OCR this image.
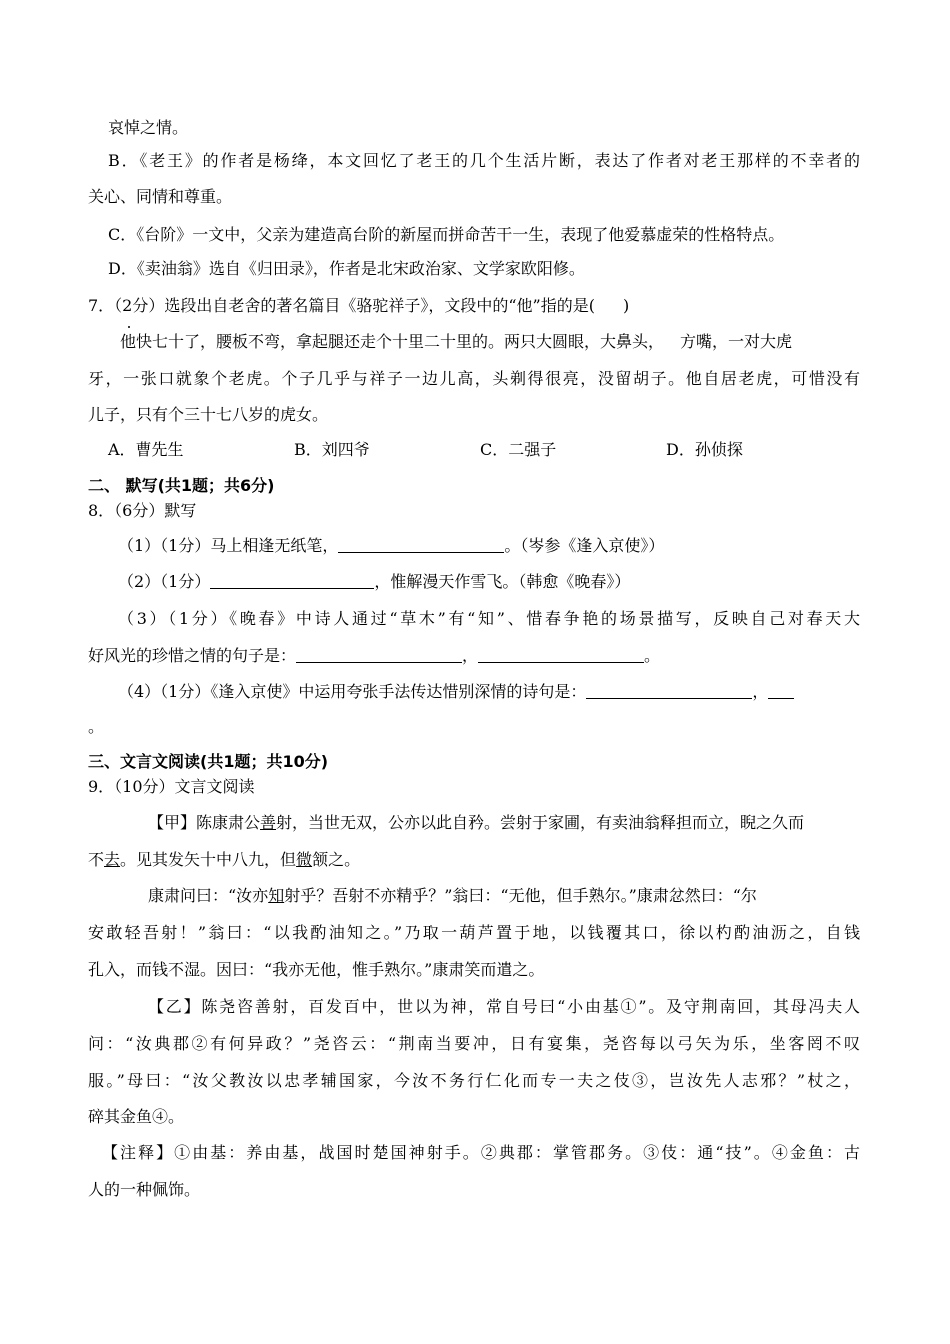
哀悼之情。
B．《老王》的作者是杨绛，本文回忆了老王的几个生活片断，表达了作者对老王那样的不幸者的
关心、同情和尊重。
C．《台阶》一文中，父亲为建造高台阶的新屋而拼命苦干一生，表现了他爱慕虚荣的性格特点。
D．《卖油翁》选自《归田录》，作者是北宋政治家、文学家欧阳修。
7．（2分）选段出自老舍的著名篇目《骆驼祥子》，文段中的“他”指的是( )
他快七十了，腰板不弯，拿起腿还走个十里二十里的。两只大圆眼，大鼻头， 方嘴，一对大虎
牙，一张口就象个老虎。个子几乎与祥子一边儿高，头剃得很亮，没留胡子。他自居老虎，可惜没有
儿子，只有个三十七八岁的虎女。
A．曹先生	B．刘四爷	C．二强子	D．孙侦探
二、 默写(共1题；共6分)
8．（6分）默写
（1）（1分）马上相逢无纸笔，	。（岑参《逢入京使》）
（2）（1分）	，惟解漫天作雪飞。（韩愈《晚春》）
（3）（1分）《晚春》中诗人通过“草木”有“知”、惜春争艳的场景描写，反映自己对春天大
好风光的珍惜之情的句子是：	，	。
（4）（1分）《逢入京使》中运用夸张手法传达惜别深情的诗句是：	，
。
三、文言文阅读(共1题；共10分)
9．（10分）文言文阅读
【甲】陈康肃公善射，当世无双，公亦以此自矜。尝射于家圃，有卖油翁释担而立，睨之久而
不去。见其发矢十中八九，但微颔之。
康肃问曰：“汝亦知射乎？吾射不亦精乎？”翁曰：“无他，但手熟尔。”康肃忿然曰：“尔
安敢轻吾射！”翁曰：“以我酌油知之。”乃取一葫芦置于地，以钱覆其口，徐以杓酌油沥之，自钱
孔入，而钱不湿。因曰：“我亦无他，惟手熟尔。”康肃笑而遣之。
【乙】陈尧咨善射，百发百中，世以为神，常自号曰“小由基①”。及守荆南回，其母冯夫人
问：“汝典郡②有何异政？”尧咨云：“荆南当要冲，日有宴集，尧咨每以弓矢为乐，坐客罔不叹
服。”母曰：“汝父教汝以忠孝辅国家，今汝不务行仁化而专一夫之伎③，岂汝先人志邪？”杖之，
碎其金鱼④。
【注释】①由基：养由基，战国时楚国神射手。②典郡：掌管郡务。③伎：通“技”。④金鱼：古
人的一种佩饰。
